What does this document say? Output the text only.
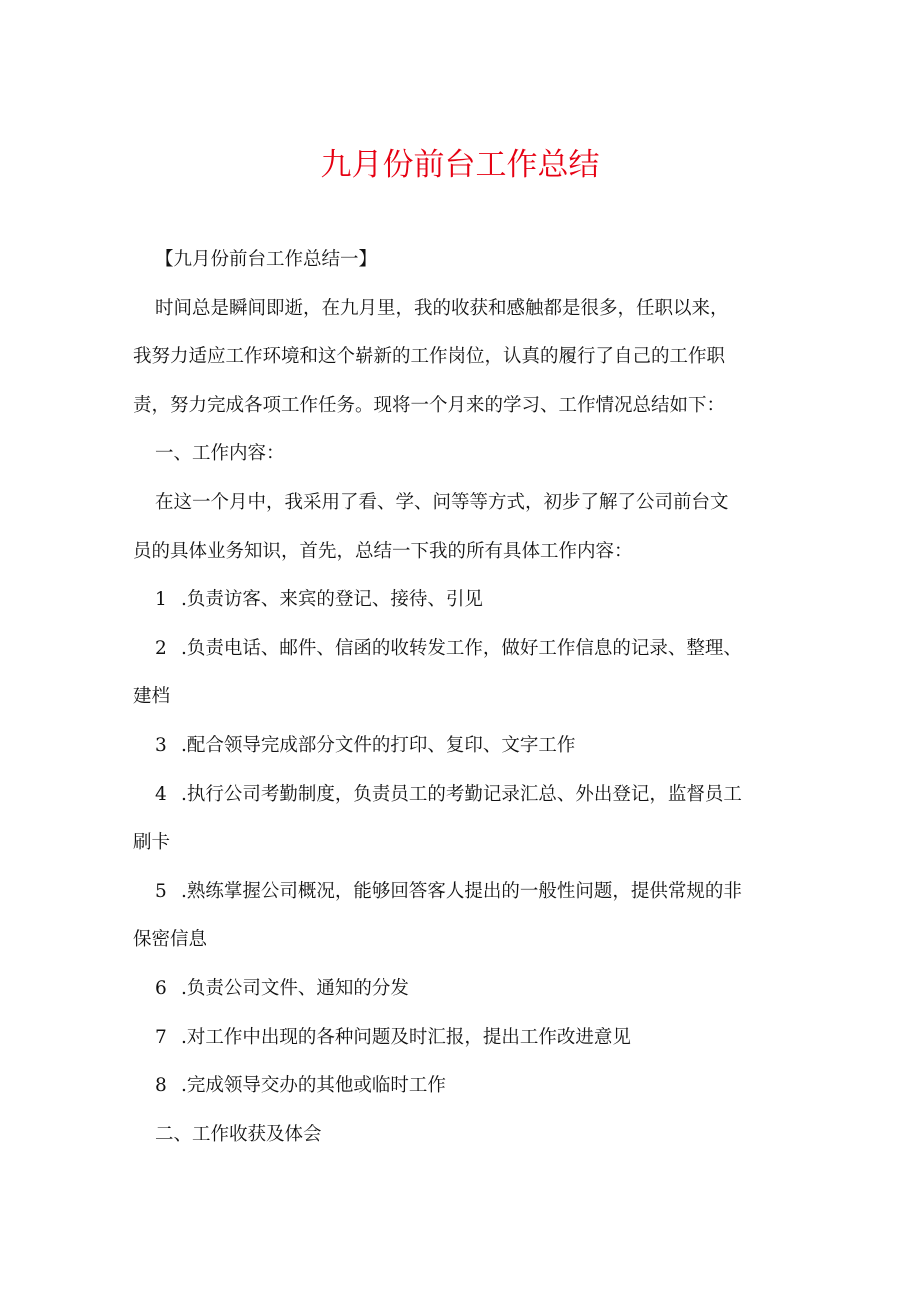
九月份前台工作总结
【九月份前台工作总结一】
时间总是瞬间即逝，在九月里，我的收获和感触都是很多，任职以来，
我努力适应工作环境和这个崭新的工作岗位，认真的履行了自己的工作职
责，努力完成各项工作任务。现将一个月来的学习、工作情况总结如下：
一、工作内容：
在这一个月中，我采用了看、学、问等等方式，初步了解了公司前台文
员的具体业务知识，首先，总结一下我的所有具体工作内容：
1 .负责访客、来宾的登记、接待、引见
2 .负责电话、邮件、信函的收转发工作，做好工作信息的记录、整理、
建档
3 .配合领导完成部分文件的打印、复印、文字工作
4 .执行公司考勤制度，负责员工的考勤记录汇总、外出登记，监督员工
刷卡
5 .熟练掌握公司概况，能够回答客人提出的一般性问题，提供常规的非
保密信息
6 .负责公司文件、通知的分发
7 .对工作中出现的各种问题及时汇报，提出工作改进意见
8 .完成领导交办的其他或临时工作
二、工作收获及体会
